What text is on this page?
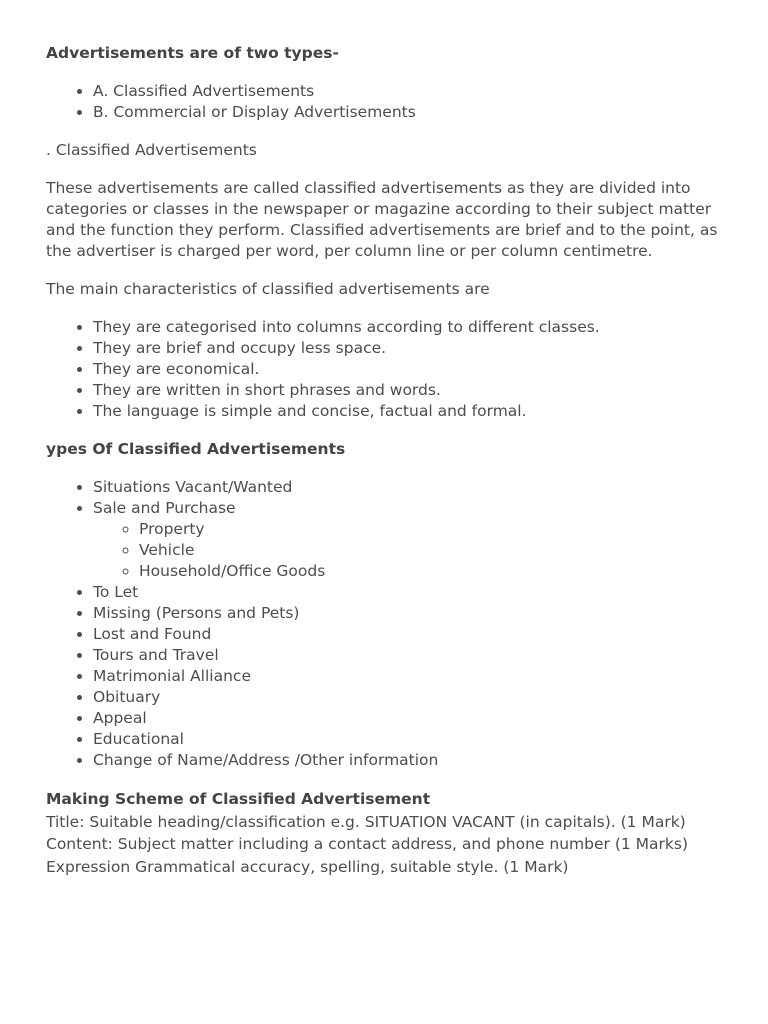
Advertisements are of two types-

• A. Classified Advertisements
• B. Commercial or Display Advertisements

. Classified Advertisements

These advertisements are called classified advertisements as they are divided into categories or classes in the newspaper or magazine according to their subject matter and the function they perform. Classified advertisements are brief and to the point, as the advertiser is charged per word, per column line or per column centimetre.

The main characteristics of classified advertisements are

• They are categorised into columns according to different classes.
• They are brief and occupy less space.
• They are economical.
• They are written in short phrases and words.
• The language is simple and concise, factual and formal.

ypes Of Classified Advertisements

• Situations Vacant/Wanted
• Sale and Purchase
◦ Property
◦ Vehicle
◦ Household/Office Goods
• To Let
• Missing (Persons and Pets)
• Lost and Found
• Tours and Travel
• Matrimonial Alliance
• Obituary
• Appeal
• Educational
• Change of Name/Address /Other information

Making Scheme of Classified Advertisement

Title: Suitable heading/classification e.g. SITUATION VACANT (in capitals). (1 Mark)

Content: Subject matter including a contact address, and phone number (1 Marks)

Expression Grammatical accuracy, spelling, suitable style. (1 Mark)
